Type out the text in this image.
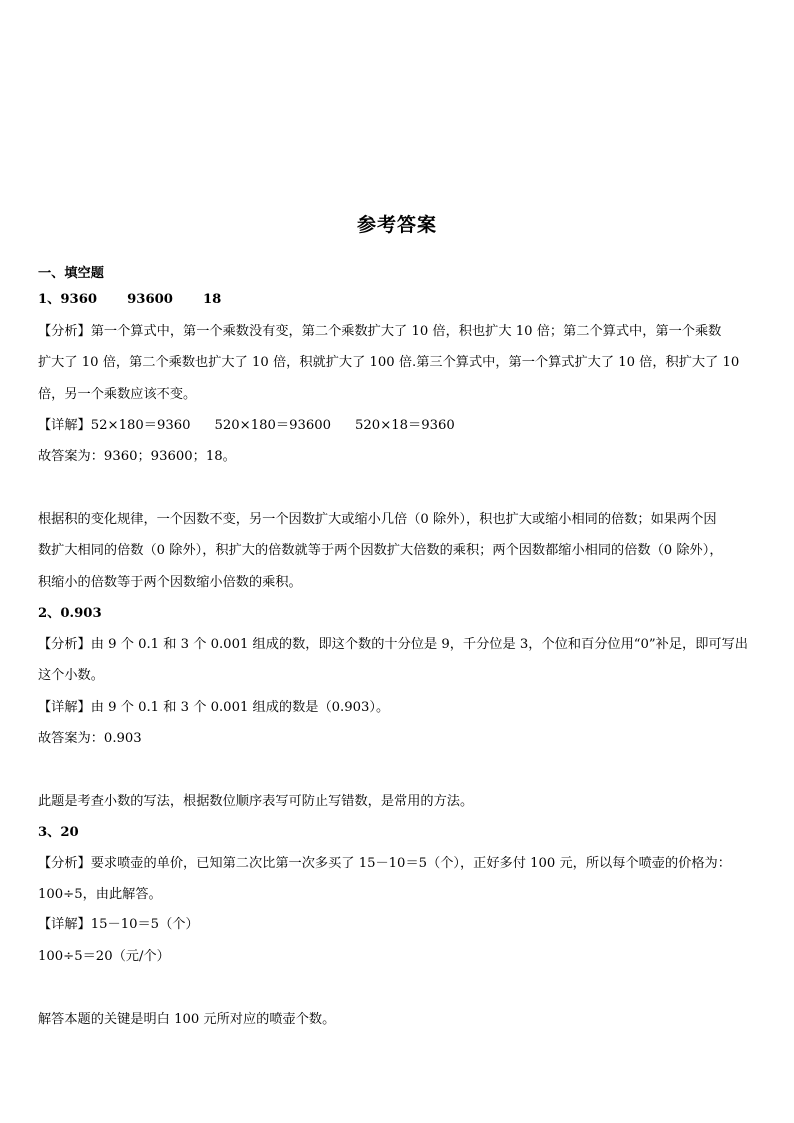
参考答案
一、填空题
1、9360 93600 18
【分析】第一个算式中，第一个乘数没有变，第二个乘数扩大了 10 倍，积也扩大 10 倍；第二个算式中，第一个乘数
扩大了 10 倍，第二个乘数也扩大了 10 倍，积就扩大了 100 倍.第三个算式中，第一个算式扩大了 10 倍，积扩大了 10
倍，另一个乘数应该不变。
【详解】52×180＝9360 520×180＝93600 520×18＝9360
故答案为：9360；93600；18。
根据积的变化规律，一个因数不变，另一个因数扩大或缩小几倍（0 除外），积也扩大或缩小相同的倍数；如果两个因
数扩大相同的倍数（0 除外），积扩大的倍数就等于两个因数扩大倍数的乘积；两个因数都缩小相同的倍数（0 除外），
积缩小的倍数等于两个因数缩小倍数的乘积。
2、0.903
【分析】由 9 个 0.1 和 3 个 0.001 组成的数，即这个数的十分位是 9，千分位是 3，个位和百分位用“0”补足，即可写出
这个小数。
【详解】由 9 个 0.1 和 3 个 0.001 组成的数是（0.903）。
故答案为：0.903
此题是考查小数的写法，根据数位顺序表写可防止写错数，是常用的方法。
3、20
【分析】要求喷壶的单价，已知第二次比第一次多买了 15－10＝5（个），正好多付 100 元，所以每个喷壶的价格为：
100÷5，由此解答。
【详解】15－10＝5（个）
100÷5＝20（元/个）
解答本题的关键是明白 100 元所对应的喷壶个数。
